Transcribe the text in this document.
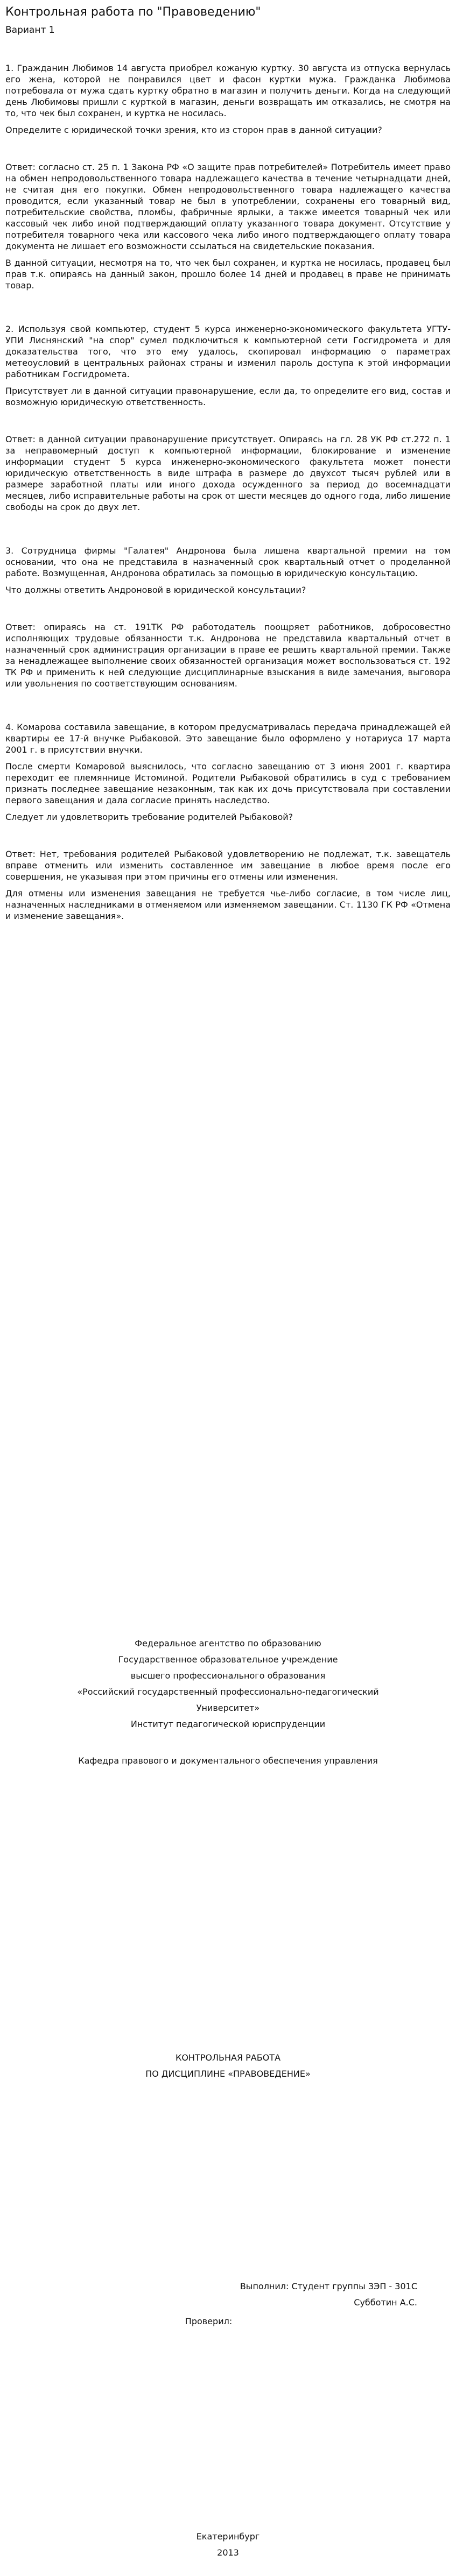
Контрольная работа по "Правоведению"
Вариант 1

1. Гражданин Любимов 14 августа приобрел кожаную куртку. 30 августа из отпуска вернулась его жена, которой не понравился цвет и фасон куртки мужа. Гражданка Любимова потребовала от мужа сдать куртку обратно в магазин и получить деньги. Когда на следующий день Любимовы пришли с курткой в магазин, деньги возвращать им отказались, не смотря на то, что чек был сохранен, и куртка не носилась.

Определите с юридической точки зрения, кто из сторон прав в данной ситуации?

Ответ: согласно ст. 25 п. 1 Закона РФ «О защите прав потребителей» Потребитель имеет право на обмен непродовольственного товара надлежащего качества в течение четырнадцати дней, не считая дня его покупки. Обмен непродовольственного товара надлежащего качества проводится, если указанный товар не был в употреблении, сохранены его товарный вид, потребительские свойства, пломбы, фабричные ярлыки, а также имеется товарный чек или кассовый чек либо иной подтверждающий оплату указанного товара документ. Отсутствие у потребителя товарного чека или кассового чека либо иного подтверждающего оплату товара документа не лишает его возможности ссылаться на свидетельские показания.

В данной ситуации, несмотря на то, что чек был сохранен, и куртка не носилась, продавец был прав т.к. опираясь на данный закон, прошло более 14 дней и продавец в праве не принимать товар.

2. Используя свой компьютер, студент 5 курса инженерно-экономического факультета УГТУ-УПИ Лиснянский "на спор" сумел подключиться к компьютерной сети Госгидромета и для доказательства того, что это ему удалось, скопировал информацию о параметрах метеоусловий в центральных районах страны и изменил пароль доступа к этой информации работникам Госгидромета.

Присутствует ли в данной ситуации правонарушение, если да, то определите его вид, состав и возможную юридическую ответственность.

Ответ: в данной ситуации правонарушение присутствует. Опираясь на гл. 28 УК РФ ст.272 п. 1 за неправомерный доступ к компьютерной информации, блокирование и изменение информации студент 5 курса инженерно-экономического факультета может понести юридическую ответственность в виде штрафа в размере до двухсот тысяч рублей или в размере заработной платы или иного дохода осужденного за период до восемнадцати месяцев, либо исправительные работы на срок от шести месяцев до одного года, либо лишение свободы на срок до двух лет.

3. Сотрудница фирмы "Галатея" Андронова была лишена квартальной премии на том основании, что она не представила в назначенный срок квартальный отчет о проделанной работе. Возмущенная, Андронова обратилась за помощью в юридическую консультацию.

Что должны ответить Андроновой в юридической консультации?

Ответ: опираясь на ст. 191ТК РФ работодатель поощряет работников, добросовестно исполняющих трудовые обязанности т.к. Андронова не представила квартальный отчет в назначенный срок администрация организации в праве ее решить квартальной премии. Также за ненадлежащее выполнение своих обязанностей организация может воспользоваться ст. 192 ТК РФ и применить к ней следующие дисциплинарные взыскания в виде замечания, выговора или увольнения по соответствующим основаниям.

4. Комарова составила завещание, в котором предусматривалась передача принадлежащей ей квартиры ее 17-й внучке Рыбаковой. Это завещание было оформлено у нотариуса 17 марта 2001 г. в присутствии внучки.

После смерти Комаровой выяснилось, что согласно завещанию от 3 июня 2001 г. квартира переходит ее племяннице Истоминой. Родители Рыбаковой обратились в суд с требованием признать последнее завещание незаконным, так как их дочь присутствовала при составлении первого завещания и дала согласие принять наследство.

Следует ли удовлетворить требование родителей Рыбаковой?

Ответ: Нет, требования родителей Рыбаковой удовлетворению не подлежат, т.к. завещатель вправе отменить или изменить составленное им завещание в любое время после его совершения, не указывая при этом причины его отмены или изменения.

Для отмены или изменения завещания не требуется чье-либо согласие, в том числе лиц, назначенных наследниками в отменяемом или изменяемом завещании. Ст. 1130 ГК РФ «Отмена и изменение завещания».

Федеральное агентство по образованию
Государственное образовательное учреждение
высшего профессионального образования
«Российский государственный профессионально-педагогический
Университет»
Институт педагогической юриспруденции
Кафедра правового и документального обеспечения управления
КОНТРОЛЬНАЯ РАБОТА
ПО ДИСЦИПЛИНЕ «ПРАВОВЕДЕНИЕ»
Выполнил: Студент группы ЗЭП - 301С
Субботин А.С.
Проверил:
Екатеринбург
2013
